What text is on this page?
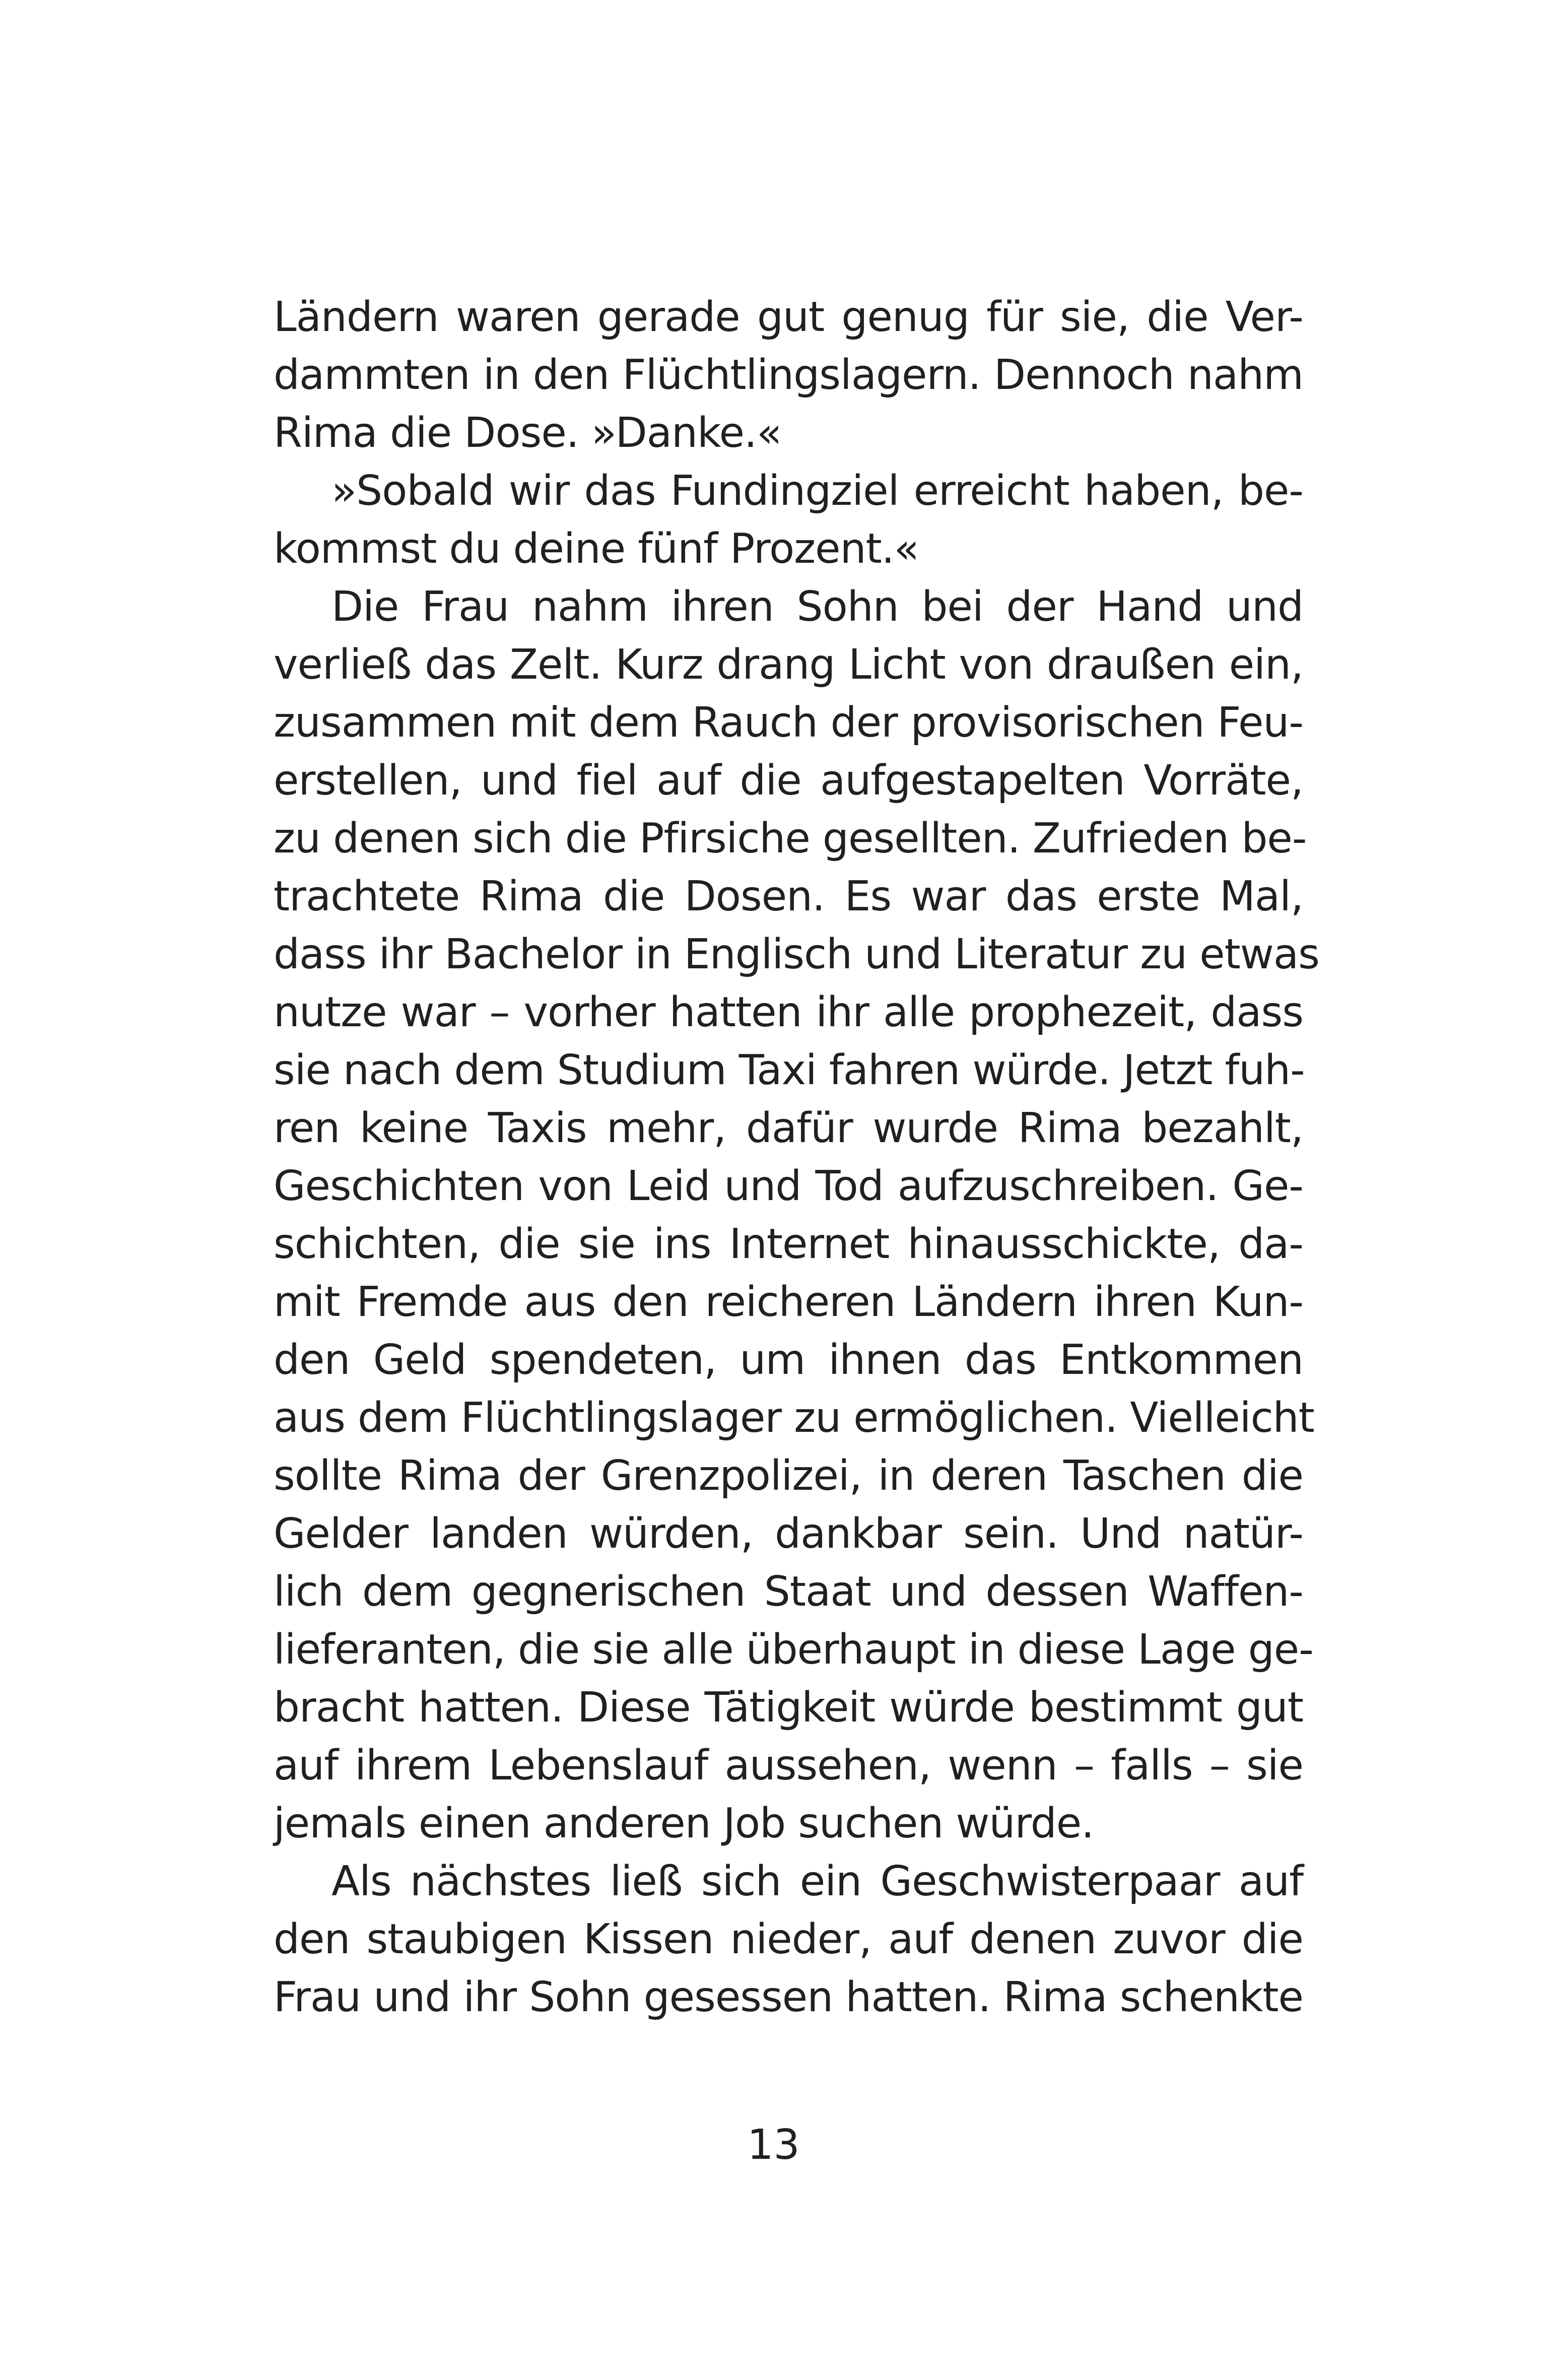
Ländern waren gerade gut genug für sie, die Ver-
dammten in den Flüchtlingslagern. Dennoch nahm
Rima die Dose. »Danke.«
»Sobald wir das Fundingziel erreicht haben, be-
kommst du deine fünf Prozent.«
Die Frau nahm ihren Sohn bei der Hand und
verließ das Zelt. Kurz drang Licht von draußen ein,
zusammen mit dem Rauch der provisorischen Feu-
erstellen, und fiel auf die aufgestapelten Vorräte,
zu denen sich die Pfirsiche gesellten. Zufrieden be-
trachtete Rima die Dosen. Es war das erste Mal,
dass ihr Bachelor in Englisch und Literatur zu etwas
nutze war – vorher hatten ihr alle prophezeit, dass
sie nach dem Studium Taxi fahren würde. Jetzt fuh-
ren keine Taxis mehr, dafür wurde Rima bezahlt,
Geschichten von Leid und Tod aufzuschreiben. Ge-
schichten, die sie ins Internet hinausschickte, da-
mit Fremde aus den reicheren Ländern ihren Kun-
den Geld spendeten, um ihnen das Entkommen
aus dem Flüchtlingslager zu ermöglichen. Vielleicht
sollte Rima der Grenzpolizei, in deren Taschen die
Gelder landen würden, dankbar sein. Und natür-
lich dem gegnerischen Staat und dessen Waffen-
lieferanten, die sie alle überhaupt in diese Lage ge-
bracht hatten. Diese Tätigkeit würde bestimmt gut
auf ihrem Lebenslauf aussehen, wenn – falls – sie
jemals einen anderen Job suchen würde.
Als nächstes ließ sich ein Geschwisterpaar auf
den staubigen Kissen nieder, auf denen zuvor die
Frau und ihr Sohn gesessen hatten. Rima schenkte
13
